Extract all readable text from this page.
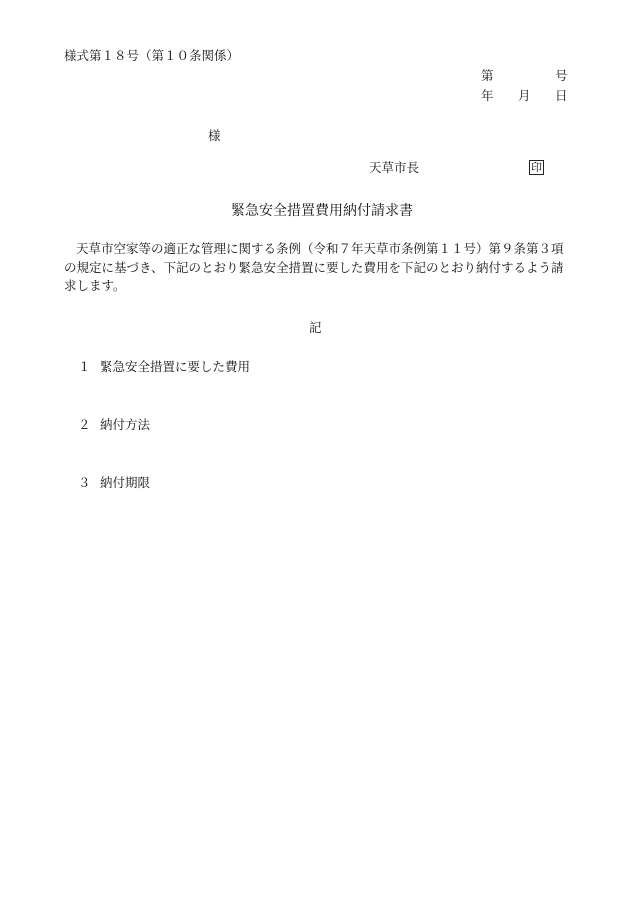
様式第１８号（第１０条関係）
第	号
年 月 日
様
天草市長	印
緊急安全措置費用納付請求書
天草市空家等の適正な管理に関する条例（令和７年天草市条例第１１号）第９条第３項の規定に基づき、下記のとおり緊急安全措置に要した費用を下記のとおり納付するよう請求します。
記
１ 緊急安全措置に要した費用
２ 納付方法
３ 納付期限
